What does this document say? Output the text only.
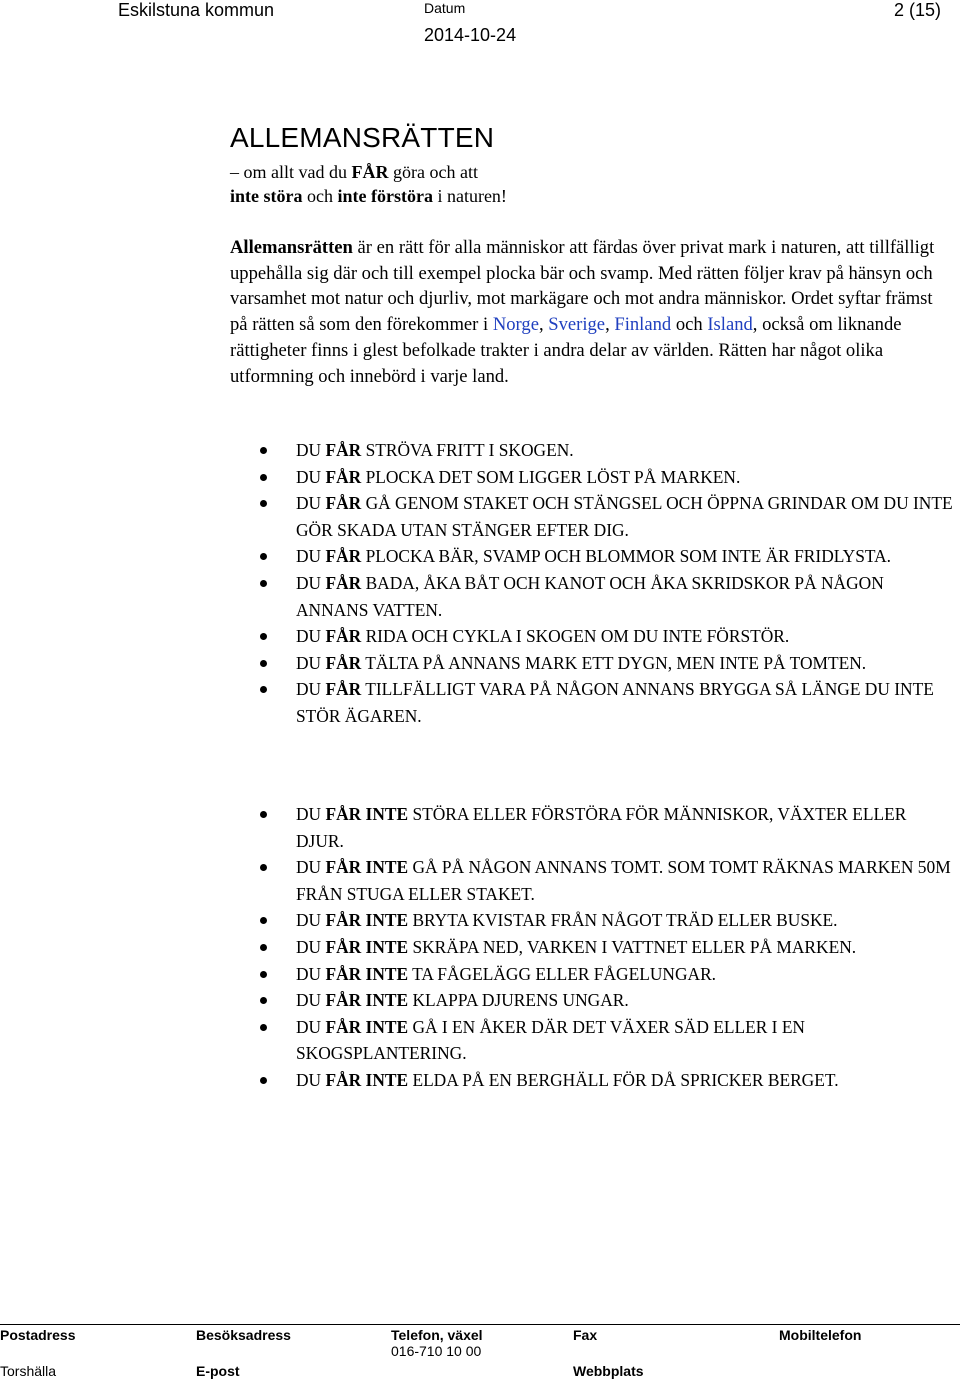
Eskilstuna kommun	Datum
2014-10-24
2 (15)
ALLEMANSRÄTTEN
– om allt vad du FÅR göra och att
inte störa och inte förstöra i naturen!
Allemansrätten är en rätt för alla människor att färdas över privat mark i naturen, att tillfälligt uppehålla sig där och till exempel plocka bär och svamp. Med rätten följer krav på hänsyn och varsamhet mot natur och djurliv, mot markägare och mot andra människor. Ordet syftar främst på rätten så som den förekommer i Norge, Sverige, Finland och Island, också om liknande rättigheter finns i glest befolkade trakter i andra delar av världen. Rätten har något olika utformning och innebörd i varje land.
DU FÅR STRÖVA FRITT I SKOGEN.
DU FÅR PLOCKA DET SOM LIGGER LÖST PÅ MARKEN.
DU FÅR GÅ GENOM STAKET OCH STÄNGSEL OCH ÖPPNA GRINDAR OM DU INTE GÖR SKADA UTAN STÄNGER EFTER DIG.
DU FÅR PLOCKA BÄR, SVAMP OCH BLOMMOR SOM INTE ÄR FRIDLYSTA.
DU FÅR BADA, ÅKA BÅT OCH KANOT OCH ÅKA SKRIDSKOR PÅ NÅGON ANNANS VATTEN.
DU FÅR RIDA OCH CYKLA I SKOGEN OM DU INTE FÖRSTÖR.
DU FÅR TÄLTA PÅ ANNANS MARK ETT DYGN, MEN INTE PÅ TOMTEN.
DU FÅR TILLFÄLLIGT VARA PÅ NÅGON ANNANS BRYGGA SÅ LÄNGE DU INTE STÖR ÄGAREN.
DU FÅR INTE STÖRA ELLER FÖRSTÖRA FÖR MÄNNISKOR, VÄXTER ELLER DJUR.
DU FÅR INTE GÅ PÅ NÅGON ANNANS TOMT. SOM TOMT RÄKNAS MARKEN 50M FRÅN STUGA ELLER STAKET.
DU FÅR INTE BRYTA KVISTAR FRÅN NÅGOT TRÄD ELLER BUSKE.
DU FÅR INTE SKRÄPA NED, VARKEN I VATTNET ELLER PÅ MARKEN.
DU FÅR INTE TA FÅGELÄGG ELLER FÅGELUNGAR.
DU FÅR INTE KLAPPA DJURENS UNGAR.
DU FÅR INTE GÅ I EN ÅKER DÄR DET VÄXER SÄD ELLER I EN SKOGSPLANTERING.
DU FÅR INTE ELDA PÅ EN BERGHÄLL FÖR DÅ SPRICKER BERGET.
Postadress	Besöksadress	Telefon, växel	Fax	Mobiltelefon
016-710 10 00
Torshälla	E-post	Webbplats
